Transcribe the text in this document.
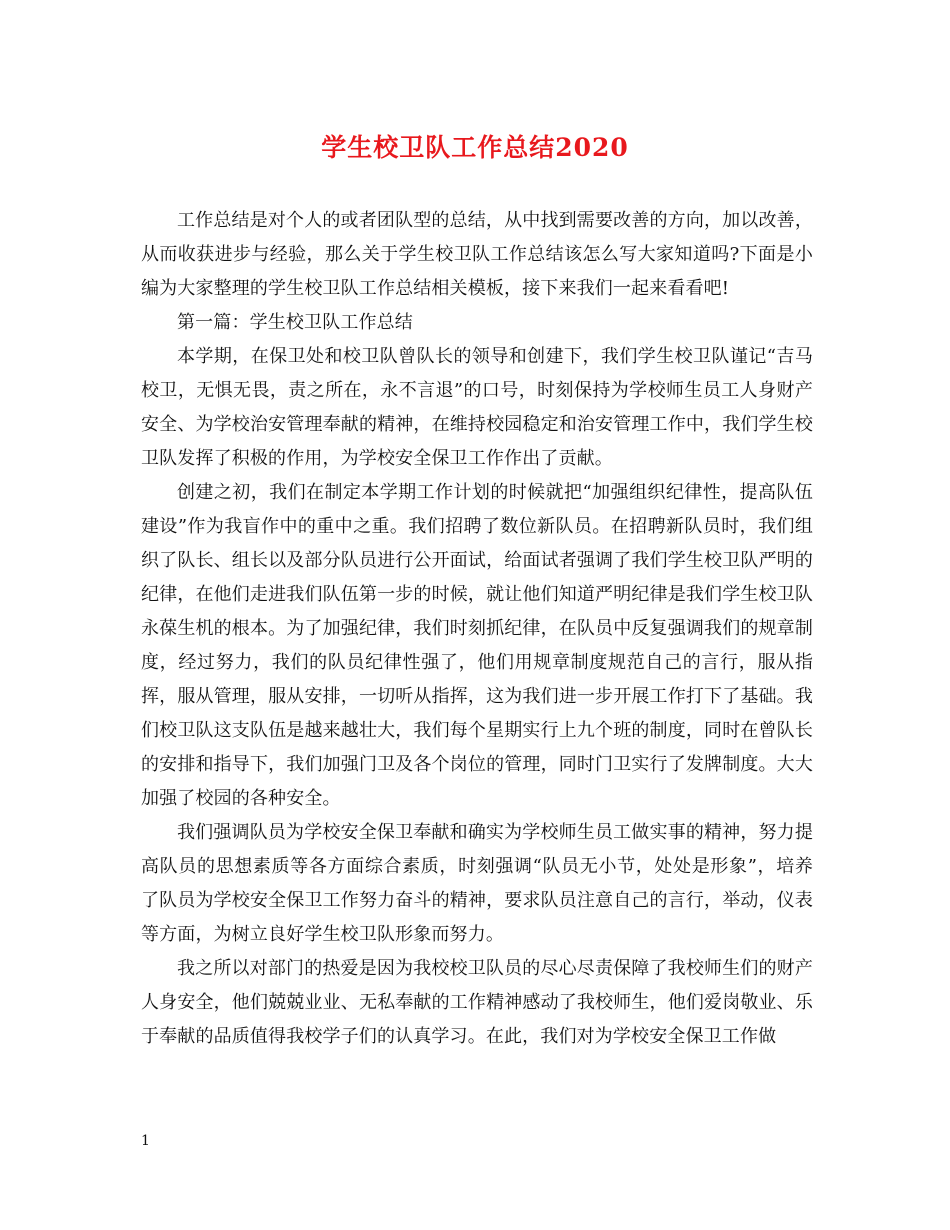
学生校卫队工作总结2020

工作总结是对个人的或者团队型的总结，从中找到需要改善的方向，加以改善，从而收获进步与经验，那么关于学生校卫队工作总结该怎么写大家知道吗?下面是小编为大家整理的学生校卫队工作总结相关模板，接下来我们一起来看看吧!

第一篇：学生校卫队工作总结

本学期，在保卫处和校卫队曾队长的领导和创建下，我们学生校卫队谨记“吉马校卫，无惧无畏，责之所在，永不言退”的口号，时刻保持为学校师生员工人身财产安全、为学校治安管理奉献的精神，在维持校园稳定和治安管理工作中，我们学生校卫队发挥了积极的作用，为学校安全保卫工作作出了贡献。

创建之初，我们在制定本学期工作计划的时候就把“加强组织纪律性，提高队伍建设”作为我盲作中的重中之重。我们招聘了数位新队员。在招聘新队员时，我们组织了队长、组长以及部分队员进行公开面试，给面试者强调了我们学生校卫队严明的纪律，在他们走进我们队伍第一步的时候，就让他们知道严明纪律是我们学生校卫队永葆生机的根本。为了加强纪律，我们时刻抓纪律，在队员中反复强调我们的规章制度，经过努力，我们的队员纪律性强了，他们用规章制度规范自己的言行，服从指挥，服从管理，服从安排，一切听从指挥，这为我们进一步开展工作打下了基础。我们校卫队这支队伍是越来越壮大，我们每个星期实行上九个班的制度，同时在曾队长的安排和指导下，我们加强门卫及各个岗位的管理，同时门卫实行了发牌制度。大大加强了校园的各种安全。

我们强调队员为学校安全保卫奉献和确实为学校师生员工做实事的精神，努力提高队员的思想素质等各方面综合素质，时刻强调“队员无小节，处处是形象”，培养了队员为学校安全保卫工作努力奋斗的精神，要求队员注意自己的言行，举动，仪表等方面，为树立良好学生校卫队形象而努力。

我之所以对部门的热爱是因为我校校卫队员的尽心尽责保障了我校师生们的财产人身安全，他们兢兢业业、无私奉献的工作精神感动了我校师生，他们爱岗敬业、乐于奉献的品质值得我校学子们的认真学习。在此，我们对为学校安全保卫工作做

1
